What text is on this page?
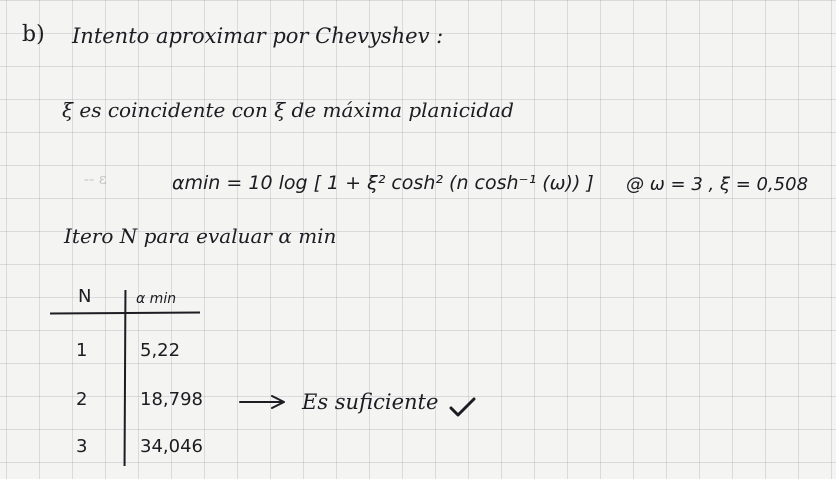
b) Intento aproximar por Chevyshev :
ξ es coincidente con ξ de máxima planicidad
-- ɛ	αmin = 10 log [ 1 + ξ² cosh² (n cosh⁻¹ (ω)) ] @ ω = 3 , ξ = 0,508
Itero N para evaluar α min
N	α min
1	5,22
2	18,798
3	34,046
Es suficiente
